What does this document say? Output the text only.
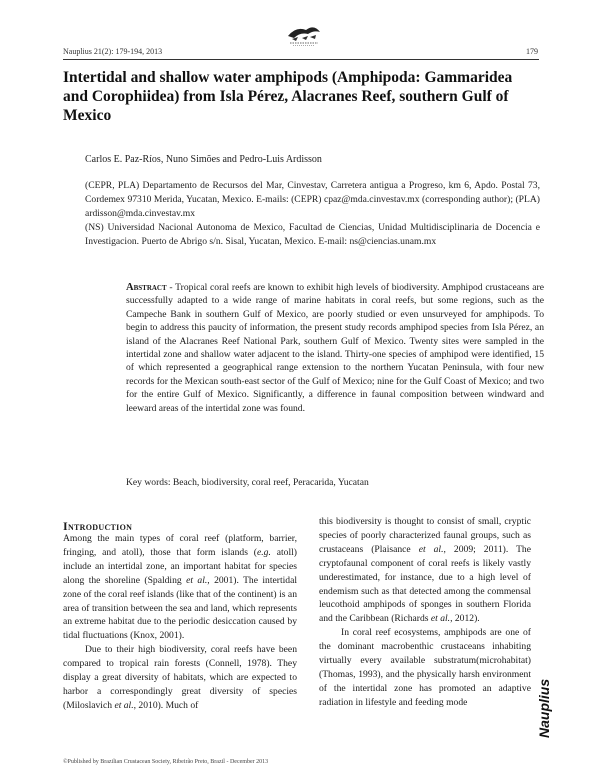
Nauplius 21(2): 179-194, 2013	179
Intertidal and shallow water amphipods (Amphipoda: Gammaridea and Corophiidea) from Isla Pérez, Alacranes Reef, southern Gulf of Mexico
Carlos E. Paz-Ríos, Nuno Simões and Pedro-Luis Ardisson
(CEPR, PLA) Departamento de Recursos del Mar, Cinvestav, Carretera antigua a Progreso, km 6, Apdo. Postal 73, Cordemex 97310 Merida, Yucatan, Mexico. E-mails: (CEPR) cpaz@mda.cinvestav.mx (corresponding author); (PLA) ardisson@mda.cinvestav.mx
(NS) Universidad Nacional Autonoma de Mexico, Facultad de Ciencias, Unidad Multidisciplinaria de Docencia e Investigacion. Puerto de Abrigo s/n. Sisal, Yucatan, Mexico. E-mail: ns@ciencias.unam.mx
Abstract - Tropical coral reefs are known to exhibit high levels of biodiversity. Amphipod crustaceans are successfully adapted to a wide range of marine habitats in coral reefs, but some regions, such as the Campeche Bank in southern Gulf of Mexico, are poorly studied or even unsurveyed for amphipods. To begin to address this paucity of information, the present study records amphipod species from Isla Pérez, an island of the Alacranes Reef National Park, southern Gulf of Mexico. Twenty sites were sampled in the intertidal zone and shallow water adjacent to the island. Thirty-one species of amphipod were identified, 15 of which represented a geographical range extension to the northern Yucatan Peninsula, with four new records for the Mexican south-east sector of the Gulf of Mexico; nine for the Gulf Coast of Mexico; and two for the entire Gulf of Mexico. Significantly, a difference in faunal composition between windward and leeward areas of the intertidal zone was found.
Key words: Beach, biodiversity, coral reef, Peracarida, Yucatan
Introduction

Among the main types of coral reef (platform, barrier, fringing, and atoll), those that form islands (e.g. atoll) include an intertidal zone, an important habitat for species along the shoreline (Spalding et al., 2001). The intertidal zone of the coral reef islands (like that of the continent) is an area of transition between the sea and land, which represents an extreme habitat due to the periodic desiccation caused by tidal fluctuations (Knox, 2001).

Due to their high biodiversity, coral reefs have been compared to tropical rain forests (Connell, 1978). They display a great diversity of habitats, which are expected to harbor a correspondingly great diversity of species (Miloslavich et al., 2010). Much of

this biodiversity is thought to consist of small, cryptic species of poorly characterized faunal groups, such as crustaceans (Plaisance et al., 2009; 2011). The cryptofaunal component of coral reefs is likely vastly underestimated, for instance, due to a high level of endemism such as that detected among the commensal leucothoid amphipods of sponges in southern Florida and the Caribbean (Richards et al., 2012).

In coral reef ecosystems, amphipods are one of the dominant macrobenthic crustaceans inhabiting virtually every available substratum(microhabitat) (Thomas, 1993), and the physically harsh environment of the intertidal zone has promoted an adaptive radiation in lifestyle and feeding mode	Nauplius
©Published by Brazilian Crustacean Society, Ribeirão Preto, Brazil - December 2013
